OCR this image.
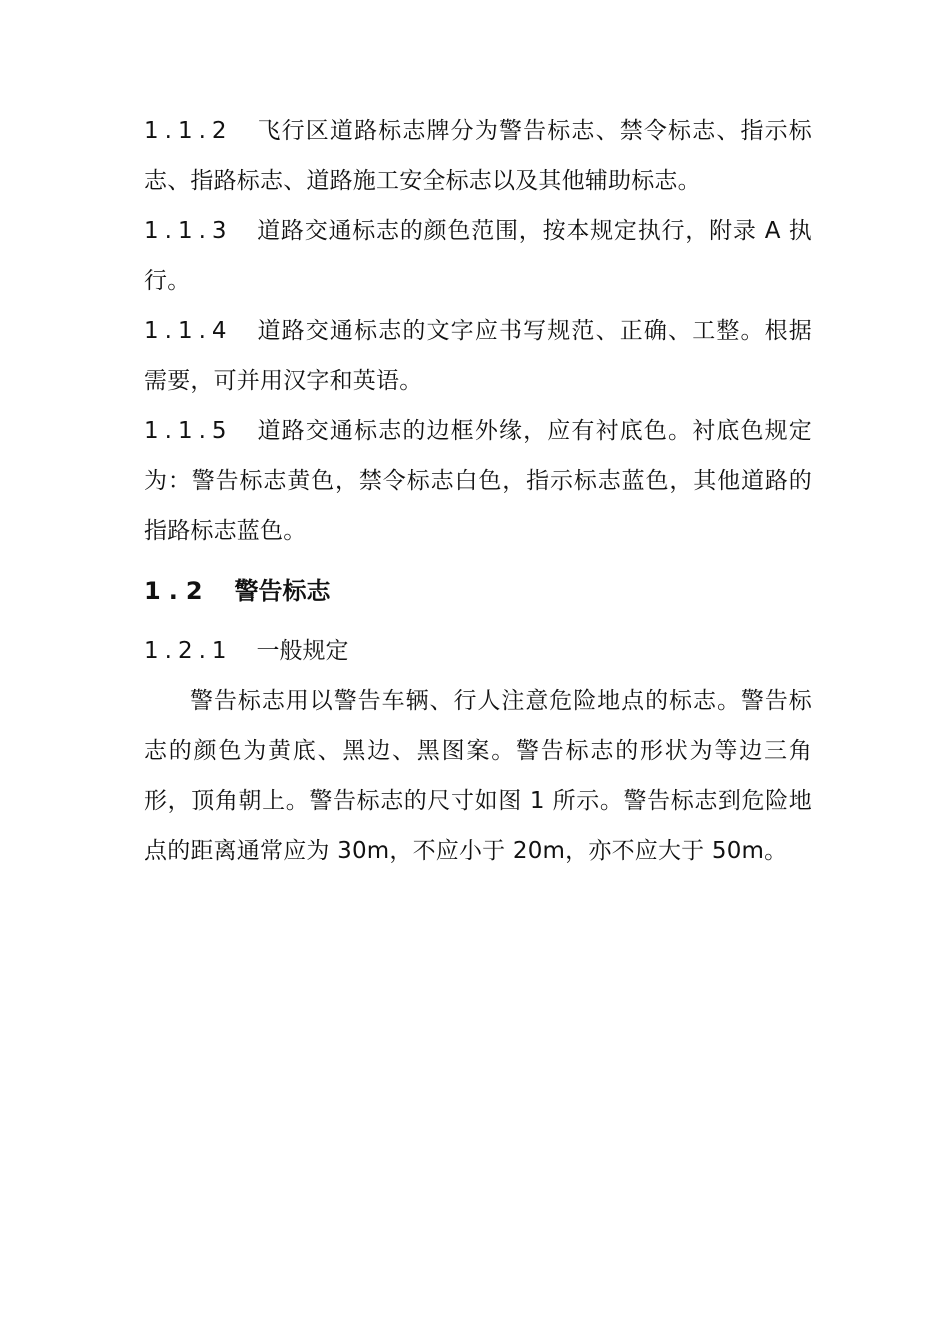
1.1.2 飞行区道路标志牌分为警告标志、禁令标志、指示标志、指路标志、道路施工安全标志以及其他辅助标志。

1.1.3 道路交通标志的颜色范围，按本规定执行，附录 A 执行。

1.1.4 道路交通标志的文字应书写规范、正确、工整。根据需要，可并用汉字和英语。

1.1.5 道路交通标志的边框外缘，应有衬底色。衬底色规定为：警告标志黄色，禁令标志白色，指示标志蓝色，其他道路的指路标志蓝色。

1.2 警告标志

1.2.1 一般规定

警告标志用以警告车辆、行人注意危险地点的标志。警告标志的颜色为黄底、黑边、黑图案。警告标志的形状为等边三角形，顶角朝上。警告标志的尺寸如图 1 所示。警告标志到危险地点的距离通常应为 30m，不应小于 20m，亦不应大于 50m。
